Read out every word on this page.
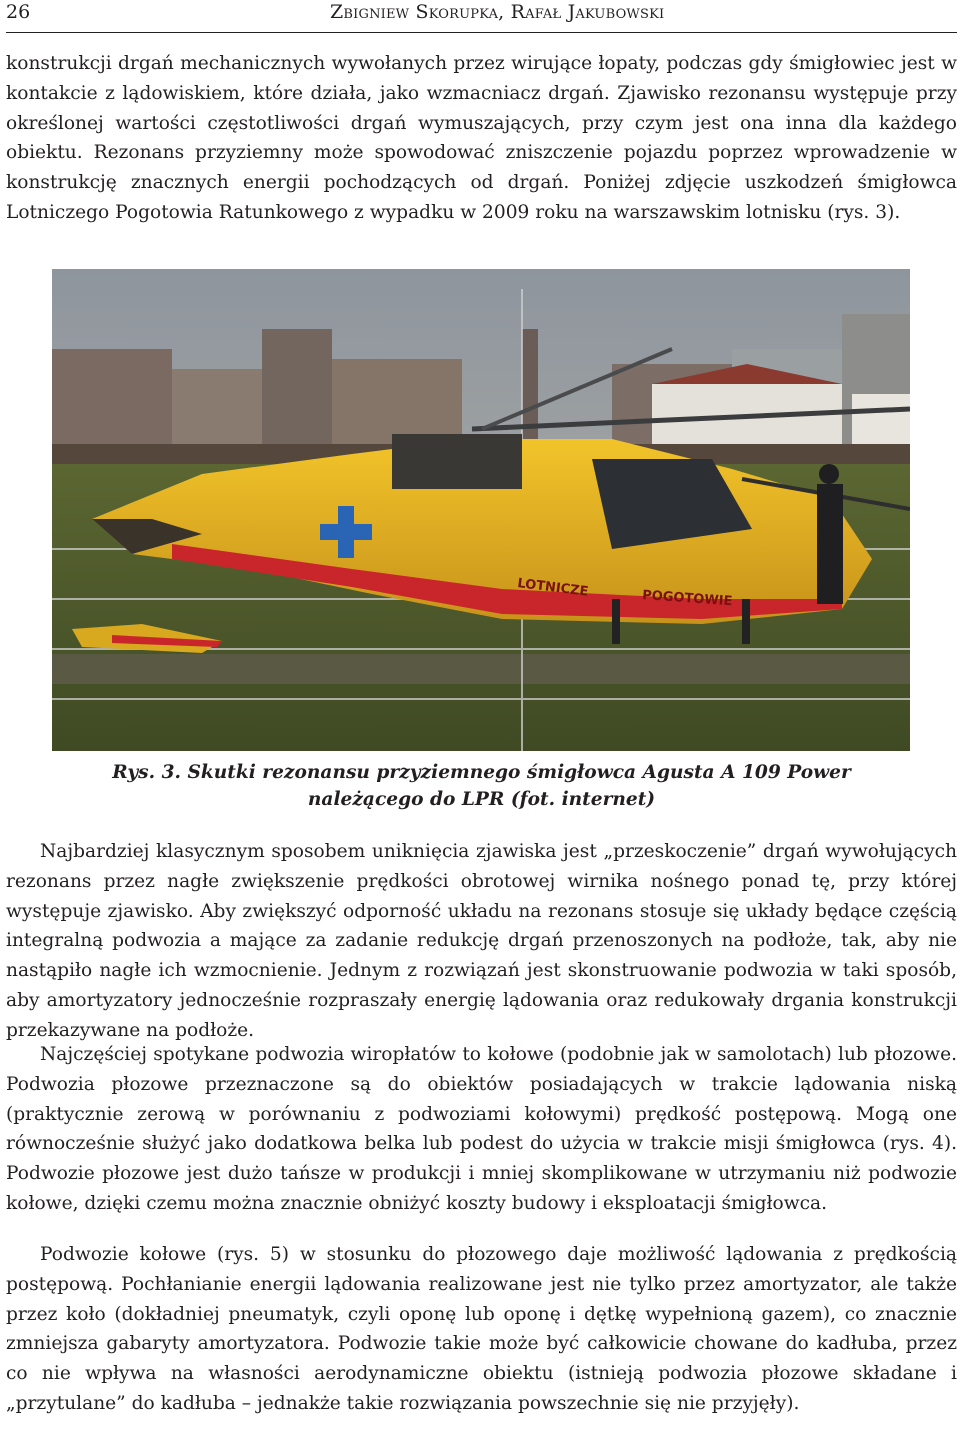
26	Zbigniew Skorupka, Rafał Jakubowski

konstrukcji drgań mechanicznych wywołanych przez wirujące łopaty, podczas gdy śmigłowiec jest w kontakcie z lądowiskiem, które działa, jako wzmacniacz drgań. Zjawisko rezonansu występuje przy określonej wartości częstotliwości drgań wymuszających, przy czym jest ona inna dla każdego obiektu. Rezonans przyziemny może spowodować zniszczenie pojazdu poprzez wprowadzenie w konstrukcję znacznych energii pochodzących od drgań. Poniżej zdjęcie uszkodzeń śmigłowca Lotniczego Pogotowia Ratunkowego z wypadku w 2009 roku na warszawskim lotnisku (rys. 3).

LOTNICZE	POGOTOWIE
Rys. 3. Skutki rezonansu przyziemnego śmigłowca Agusta A 109 Power
należącego do LPR (fot. internet)

Najbardziej klasycznym sposobem uniknięcia zjawiska jest „przeskoczenie” drgań wywołujących rezonans przez nagłe zwiększenie prędkości obrotowej wirnika nośnego ponad tę, przy której występuje zjawisko. Aby zwiększyć odporność układu na rezonans stosuje się układy będące częścią integralną podwozia a mające za zadanie redukcję drgań przenoszonych na podłoże, tak, aby nie nastąpiło nagłe ich wzmocnienie. Jednym z rozwiązań jest skonstruowanie podwozia w taki sposób, aby amortyzatory jednocześnie rozpraszały energię lądowania oraz redukowały drgania konstrukcji przekazywane na podłoże.

Najczęściej spotykane podwozia wiropłatów to kołowe (podobnie jak w samolotach) lub płozowe. Podwozia płozowe przeznaczone są do obiektów posiadających w trakcie lądowania niską (praktycznie zerową w porównaniu z podwoziami kołowymi) prędkość postępową. Mogą one równocześnie służyć jako dodatkowa belka lub podest do użycia w trakcie misji śmigłowca (rys. 4). Podwozie płozowe jest dużo tańsze w produkcji i mniej skomplikowane w utrzymaniu niż podwozie kołowe, dzięki czemu można znacznie obniżyć koszty budowy i eksploatacji śmigłowca.

Podwozie kołowe (rys. 5) w stosunku do płozowego daje możliwość lądowania z prędkością postępową. Pochłanianie energii lądowania realizowane jest nie tylko przez amortyzator, ale także przez koło (dokładniej pneumatyk, czyli oponę lub oponę i dętkę wypełnioną gazem), co znacznie zmniejsza gabaryty amortyzatora. Podwozie takie może być całkowicie chowane do kadłuba, przez co nie wpływa na własności aerodynamiczne obiektu (istnieją podwozia płozowe składane i „przytulane” do kadłuba – jednakże takie rozwiązania powszechnie się nie przyjęły).
